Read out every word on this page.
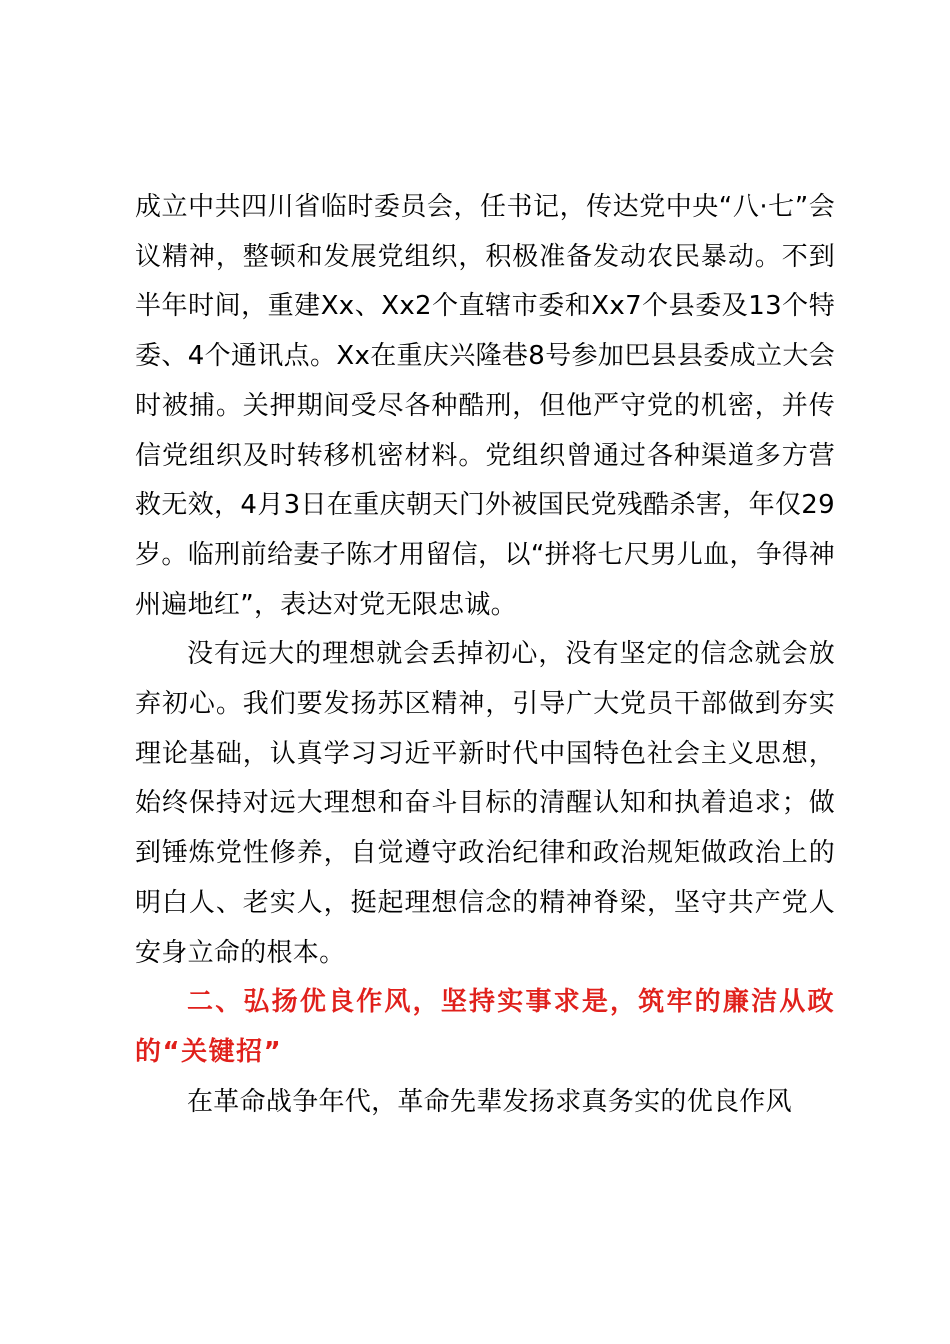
成立中共四川省临时委员会，任书记，传达党中央“八·七”会议精神，整顿和发展党组织，积极准备发动农民暴动。不到半年时间，重建Xx、Xx2个直辖市委和Xx7个县委及13个特委、4个通讯点。Xx在重庆兴隆巷8号参加巴县县委成立大会时被捕。关押期间受尽各种酷刑，但他严守党的机密，并传信党组织及时转移机密材料。党组织曾通过各种渠道多方营救无效，4月3日在重庆朝天门外被国民党残酷杀害，年仅29岁。临刑前给妻子陈才用留信，以“拼将七尺男儿血，争得神州遍地红”，表达对党无限忠诚。

没有远大的理想就会丢掉初心，没有坚定的信念就会放弃初心。我们要发扬苏区精神，引导广大党员干部做到夯实理论基础，认真学习习近平新时代中国特色社会主义思想，始终保持对远大理想和奋斗目标的清醒认知和执着追求；做到锤炼党性修养，自觉遵守政治纪律和政治规矩做政治上的明白人、老实人，挺起理想信念的精神脊梁，坚守共产党人安身立命的根本。

二、弘扬优良作风，坚持实事求是，筑牢的廉洁从政的“关键招”

在革命战争年代，革命先辈发扬求真务实的优良作风
